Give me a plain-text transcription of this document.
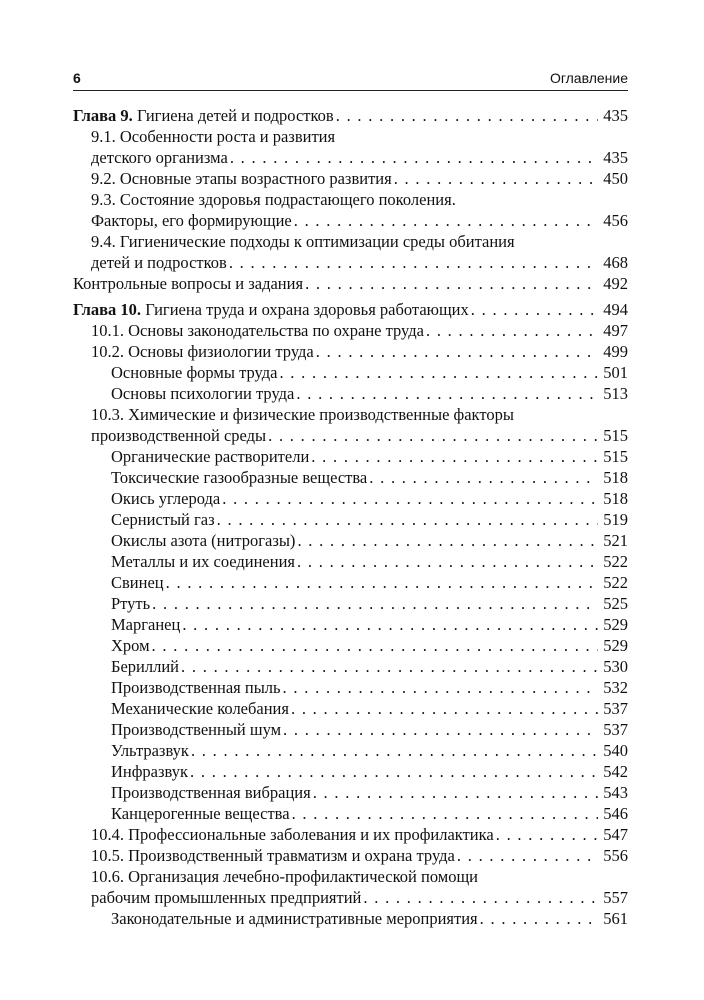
6	Оглавление
Глава 9. Гигиена детей и подростков . . .	435
9.1. Особенности роста и развития
детского организма . . .	435
9.2. Основные этапы возрастного развития . . .	450
9.3. Состояние здоровья подрастающего поколения.
Факторы, его формирующие . . .	456
9.4. Гигиенические подходы к оптимизации среды обитания
детей и подростков . . .	468
Контрольные вопросы и задания . . .	492
Глава 10. Гигиена труда и охрана здоровья работающих . . .	494
10.1. Основы законодательства по охране труда . . .	497
10.2. Основы физиологии труда . . .	499
Основные формы труда . . .	501
Основы психологии труда . . .	513
10.3. Химические и физические производственные факторы
производственной среды . . .	515
Органические растворители . . .	515
Токсические газообразные вещества . . .	518
Окись углерода . . .	518
Сернистый газ . . .	519
Окислы азота (нитрогазы) . . .	521
Металлы и их соединения . . .	522
Свинец . . .	522
Ртуть . . .	525
Марганец . . .	529
Хром . . .	529
Бериллий . . .	530
Производственная пыль . . .	532
Механические колебания . . .	537
Производственный шум . . .	537
Ультразвук . . .	540
Инфразвук . . .	542
Производственная вибрация . . .	543
Канцерогенные вещества . . .	546
10.4. Профессиональные заболевания и их профилактика . . .	547
10.5. Производственный травматизм и охрана труда . . .	556
10.6. Организация лечебно-профилактической помощи
рабочим промышленных предприятий . . .	557
Законодательные и административные мероприятия . . .	561
